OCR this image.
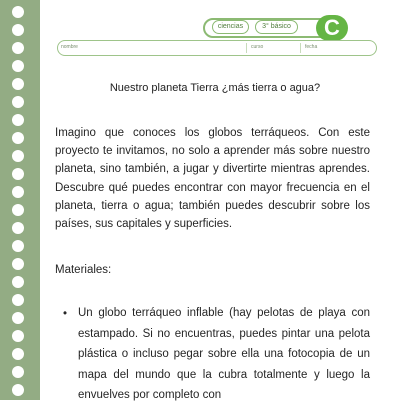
ciencias	3° básico	C
nombre	curso	fecha
Nuestro planeta Tierra ¿más tierra o agua?

Imagino que conoces los globos terráqueos. Con este proyecto te invitamos, no solo a aprender más sobre nuestro planeta, sino también, a jugar y divertirte mientras aprendes. Descubre qué puedes encontrar con mayor frecuencia en el planeta, tierra o agua; también puedes descubrir sobre los países, sus capitales y superficies.

Materiales:
• Un globo terráqueo inflable (hay pelotas de playa con estampado. Si no encuentras, puedes pintar una pelota plástica o incluso pegar sobre ella una fotocopia de un mapa del mundo que la cubra totalmente y luego la envuelves por completo con
